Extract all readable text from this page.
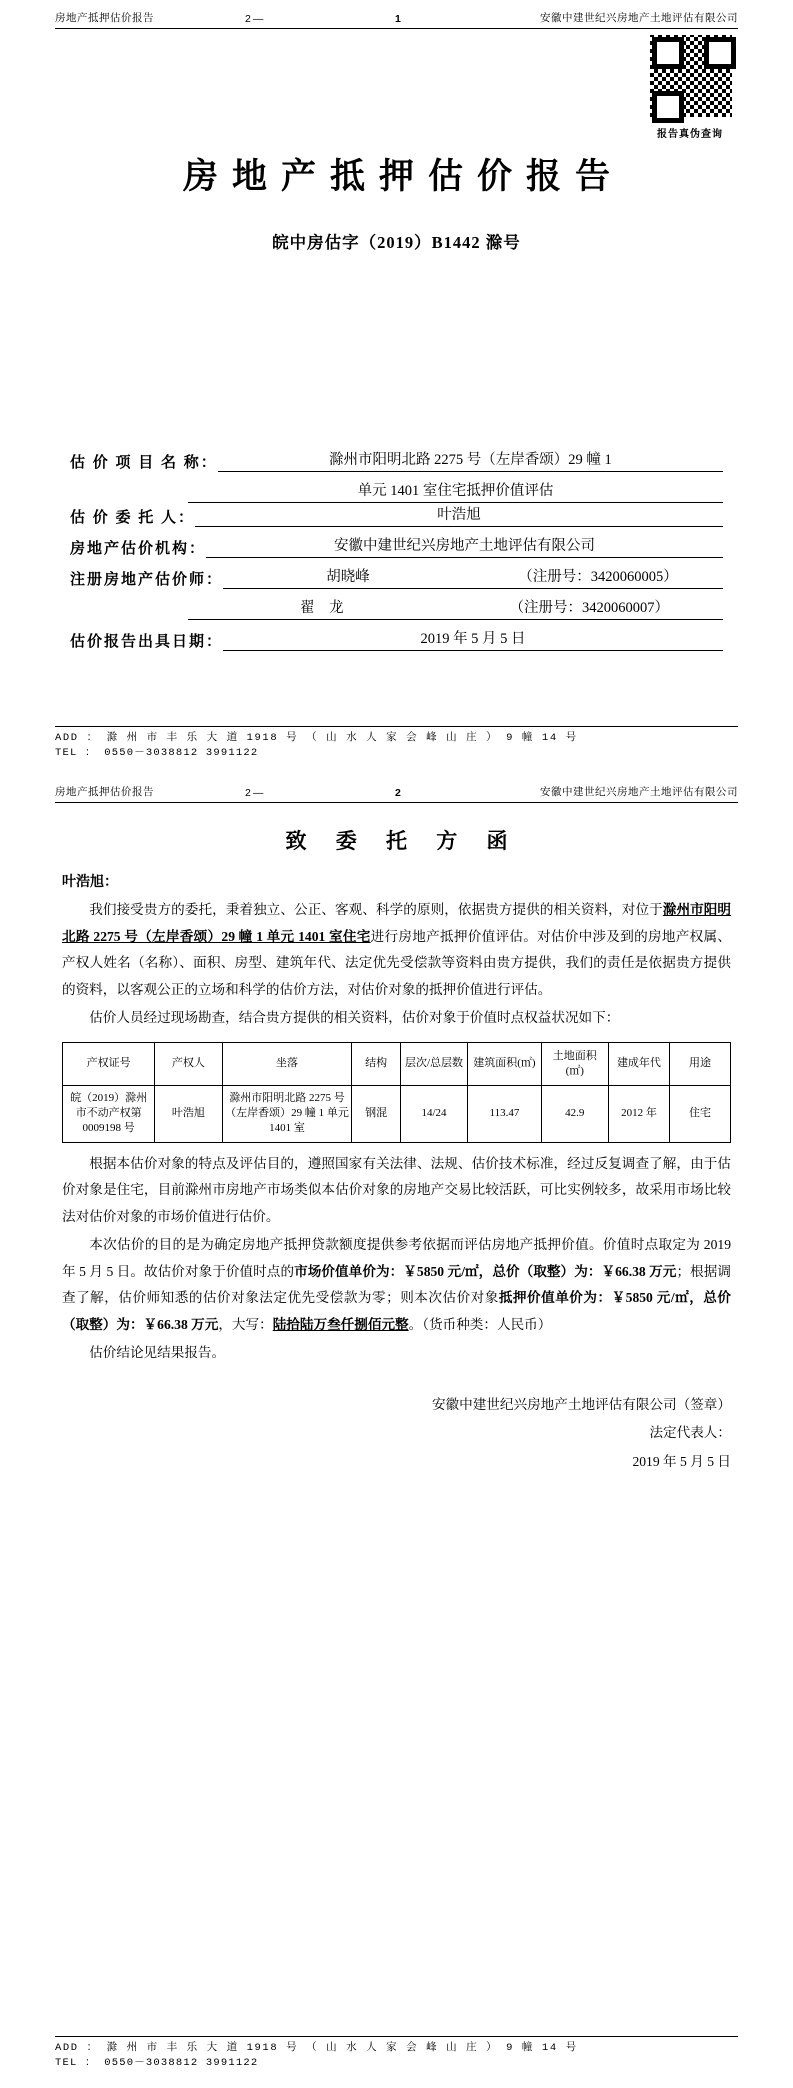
房地产抵押估价报告	2—	1	安徽中建世纪兴房地产土地评估有限公司
报告真伪查询
房地产抵押估价报告
皖中房估字（2019）B1442 滁号
估 价 项 目 名 称：	滁州市阳明北路 2275 号（左岸香颂）29 幢 1
单元 1401 室住宅抵押价值评估
估 价 委 托 人：	叶浩旭
房地产估价机构：	安徽中建世纪兴房地产土地评估有限公司
注册房地产估价师：	胡晓峰	（注册号：3420060005）
翟　龙	（注册号：3420060007）
估价报告出具日期：	2019 年 5 月 5 日
ADD ： 滁 州 市 丰 乐 大 道 1918 号 （ 山 水 人 家 会 峰 山 庄 ） 9 幢 14 号
TEL ： 0550－3038812 3991122
房地产抵押估价报告	2—	2	安徽中建世纪兴房地产土地评估有限公司
致 委 托 方 函
叶浩旭：

我们接受贵方的委托，秉着独立、公正、客观、科学的原则，依据贵方提供的相关资料，对位于滁州市阳明北路 2275 号（左岸香颂）29 幢 1 单元 1401 室住宅进行房地产抵押价值评估。对估价中涉及到的房地产权属、产权人姓名（名称）、面积、房型、建筑年代、法定优先受偿款等资料由贵方提供，我们的责任是依据贵方提供的资料，以客观公正的立场和科学的估价方法，对估价对象的抵押价值进行评估。

估价人员经过现场勘查，结合贵方提供的相关资料，估价对象于价值时点权益状况如下：

产权证号	产权人	坐落	结构	层次/总层数	建筑面积(㎡)	土地面积(㎡)	建成年代	用途
皖（2019）滁州市不动产权第 0009198 号	叶浩旭	滁州市阳明北路 2275 号（左岸香颂）29 幢 1 单元 1401 室	钢混	14/24	113.47	42.9	2012 年	住宅

根据本估价对象的特点及评估目的，遵照国家有关法律、法规、估价技术标准，经过反复调查了解，由于估价对象是住宅，目前滁州市房地产市场类似本估价对象的房地产交易比较活跃，可比实例较多，故采用市场比较法对估价对象的市场价值进行估价。

本次估价的目的是为确定房地产抵押贷款额度提供参考依据而评估房地产抵押价值。价值时点取定为 2019 年 5 月 5 日。故估价对象于价值时点的市场价值单价为：￥5850 元/㎡，总价（取整）为：￥66.38 万元；根据调查了解，估价师知悉的估价对象法定优先受偿款为零；则本次估价对象抵押价值单价为：￥5850 元/㎡，总价（取整）为：￥66.38 万元，大写：陆拾陆万叁仟捌佰元整。（货币种类：人民币）

估价结论见结果报告。

安徽中建世纪兴房地产土地评估有限公司（签章）
法定代表人：
2019 年 5 月 5 日
ADD ： 滁 州 市 丰 乐 大 道 1918 号 （ 山 水 人 家 会 峰 山 庄 ） 9 幢 14 号
TEL ： 0550－3038812 3991122
